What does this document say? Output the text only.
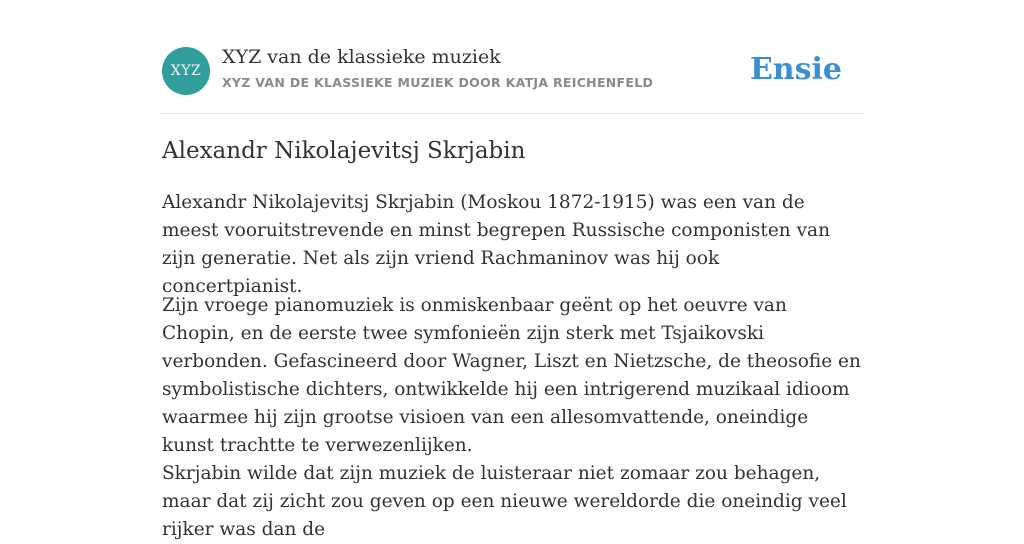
XYZ
XYZ van de klassieke muziek
XYZ VAN DE KLASSIEKE MUZIEK DOOR KATJA REICHENFELD	Ensie
Alexandr Nikolajevitsj Skrjabin

Alexandr Nikolajevitsj Skrjabin (Moskou 1872-1915) was een van de meest vooruitstrevende en minst begrepen Russische componisten van zijn generatie. Net als zijn vriend Rachmaninov was hij ook concertpianist.

Zijn vroege pianomuziek is onmiskenbaar geënt op het oeuvre van Chopin, en de eerste twee symfonieën zijn sterk met Tsjaikovski verbonden. Gefascineerd door Wagner, Liszt en Nietzsche, de theosofie en symbolistische dichters, ontwikkelde hij een intrigerend muzikaal idioom waarmee hij zijn grootse visioen van een allesomvattende, oneindige kunst trachtte te verwezenlijken.

Skrjabin wilde dat zijn muziek de luisteraar niet zomaar zou behagen, maar dat zij zicht zou geven op een nieuwe wereldorde die oneindig veel rijker was dan de
